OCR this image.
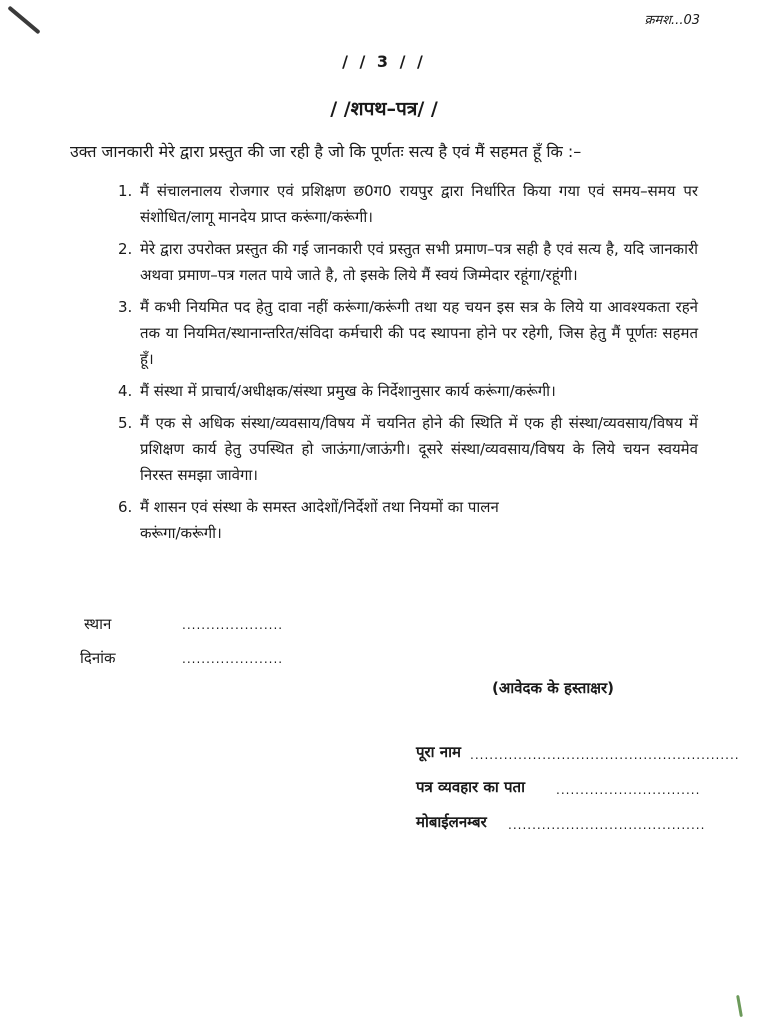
क्रमश...03
/ / 3 / /
/ /शपथ–पत्र/ /
उक्त जानकारी मेरे द्वारा प्रस्तुत की जा रही है जो कि पूर्णतः सत्य है एवं मैं सहमत हूँ कि :–
1. मैं संचालनालय रोजगार एवं प्रशिक्षण छ0ग0 रायपुर द्वारा निर्धारित किया गया एवं समय–समय पर संशोधित/लागू मानदेय प्राप्त करूंगा/करूंगी।
2. मेरे द्वारा उपरोक्त प्रस्तुत की गई जानकारी एवं प्रस्तुत सभी प्रमाण–पत्र सही है एवं सत्य है, यदि जानकारी अथवा प्रमाण–पत्र गलत पाये जाते है, तो इसके लिये मैं स्वयं जिम्मेदार रहूंगा/रहूंगी।
3. मैं कभी नियमित पद हेतु दावा नहीं करूंगा/करूंगी तथा यह चयन इस सत्र के लिये या आवश्यकता रहने तक या नियमित/स्थानान्तरित/संविदा कर्मचारी की पद स्थापना होने पर रहेगी, जिस हेतु मैं पूर्णतः सहमत हूँ।
4. मैं संस्था में प्राचार्य/अधीक्षक/संस्था प्रमुख के निर्देशानुसार कार्य करूंगा/करूंगी।
5. मैं एक से अधिक संस्था/व्यवसाय/विषय में चयनित होने की स्थिति में एक ही संस्था/व्यवसाय/विषय में प्रशिक्षण कार्य हेतु उपस्थित हो जाऊंगा/जाऊंगी। दूसरे संस्था/व्यवसाय/विषय के लिये चयन स्वयमेव निरस्त समझा जावेगा।
6. मैं शासन एवं संस्था के समस्त आदेशों/निर्देशों तथा नियमों का पालन करूंगा/करूंगी।
स्थान	.....................
दिनांक	.....................
(आवेदक के हस्ताक्षर)
पूरा नाम ........................................................
पत्र व्यवहार का पता	..............................
मोबाईलनम्बर .........................................
